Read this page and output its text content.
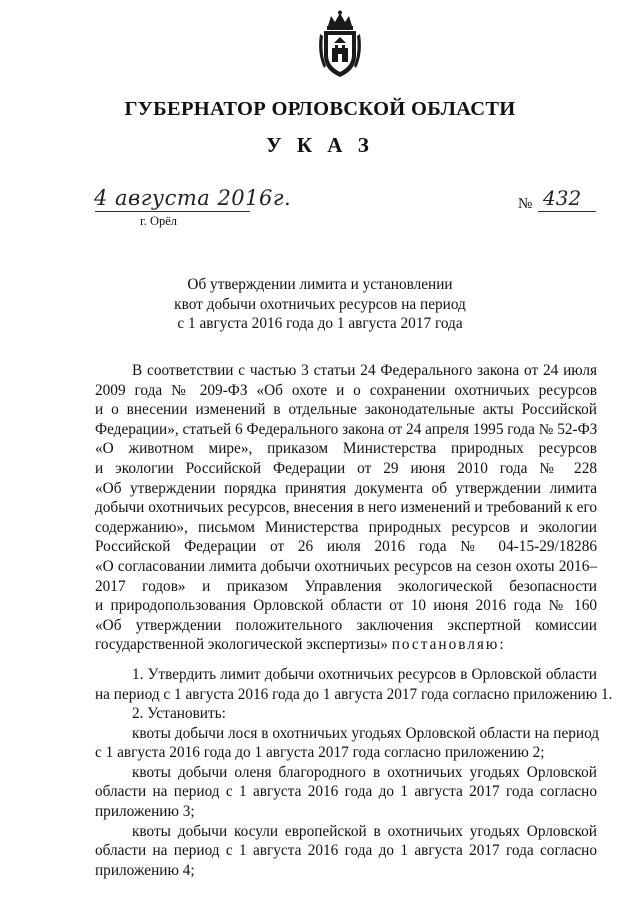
ГУБЕРНАТОР ОРЛОВСКОЙ ОБЛАСТИ
У К А З
4 августа 2016г.
г. Орёл
№ 432
Об утверждении лимита и установлении
квот добычи охотничьих ресурсов на период
с 1 августа 2016 года до 1 августа 2017 года
В соответствии с частью 3 статьи 24 Федерального закона от 24 июля
2009 года № 209-ФЗ «Об охоте и о сохранении охотничьих ресурсов
и о внесении изменений в отдельные законодательные акты Российской
Федерации», статьей 6 Федерального закона от 24 апреля 1995 года № 52-ФЗ
«О животном мире», приказом Министерства природных ресурсов
и экологии Российской Федерации от 29 июня 2010 года № 228
«Об утверждении порядка принятия документа об утверждении лимита
добычи охотничьих ресурсов, внесения в него изменений и требований к его
содержанию», письмом Министерства природных ресурсов и экологии
Российской Федерации от 26 июля 2016 года № 04-15-29/18286
«О согласовании лимита добычи охотничьих ресурсов на сезон охоты 2016–
2017 годов» и приказом Управления экологической безопасности
и природопользования Орловской области от 10 июня 2016 года № 160
«Об утверждении положительного заключения экспертной комиссии
государственной экологической экспертизы» постановляю:
1. Утвердить лимит добычи охотничьих ресурсов в Орловской области
на период с 1 августа 2016 года до 1 августа 2017 года согласно приложению 1.
2. Установить:
квоты добычи лося в охотничьих угодьях Орловской области на период
с 1 августа 2016 года до 1 августа 2017 года согласно приложению 2;
квоты добычи оленя благородного в охотничьих угодьях Орловской
области на период с 1 августа 2016 года до 1 августа 2017 года согласно
приложению 3;
квоты добычи косули европейской в охотничьих угодьях Орловской
области на период с 1 августа 2016 года до 1 августа 2017 года согласно
приложению 4;
